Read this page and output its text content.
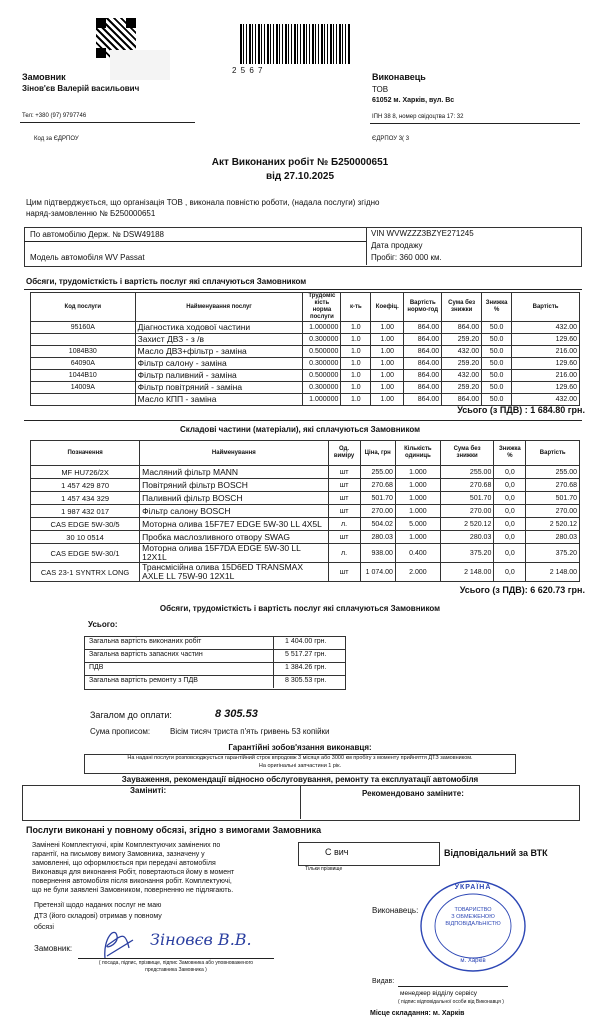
2 5 6 7
Замовник
Зінов'єв Валерій васильович
Тел: +380 (97) 9797746
Код за ЄДРПОУ
Виконавець
ТОВ
61052 м. Харків, вул. Вс
ІПН 38 8, номер свідоцтва 17: 32
ЄДРПОУ 3( 3
Акт Виконаних робіт № Б250000651
від 27.10.2025
Цим підтверджується, що організація ТОВ , виконала повністю роботи, (надала послуги) згідно
наряд-замовленню № Б250000651
По автомобілю Держ. № DSW49188
Модель автомобіля WV Passat
VIN WVWZZZ3BZYE271245
Дата продажу
Пробіг: 360 000 км.
Обсяги, трудомісткість і вартість послуг які сплачуються Замовником
Код послуги	Найменування послуг	Трудоміс кість норма послуги	к-ть	Коефіц.	Вартість нормо-год	Сума без знижки	Знижка %	Вартість
95160A	Діагностика ходової частини	1.000000	1.0	1.00	864.00	864.00	50.0	432.00
	Захист ДВЗ - з /в	0.300000	1.0	1.00	864.00	259.20	50.0	129.60
1084B30	Масло ДВЗ+фільтр - заміна	0.500000	1.0	1.00	864.00	432.00	50.0	216.00
64090A	Фільтр салону - заміна	0.300000	1.0	1.00	864.00	259.20	50.0	129.60
1044B10	Фільтр паливний - заміна	0.500000	1.0	1.00	864.00	432.00	50.0	216.00
14009A	Фільтр повітряний - заміна	0.300000	1.0	1.00	864.00	259.20	50.0	129.60
	Масло КПП - заміна	1.000000	1.0	1.00	864.00	864.00	50.0	432.00
Усього (з ПДВ) : 1 684.80 грн.
Складові частини (матеріали), які сплачуються Замовником
Позначення	Найменування	Од. виміру	Ціна, грн	Кількість одиниць	Сума без знижки	Знижка %	Вартість
MF HU726/2X	Масляний фільтр MANN	шт	255.00	1.000	255.00	0,0	255.00
1 457 429 870	Повітряний фільтр BOSCH	шт	270.68	1.000	270.68	0,0	270.68
1 457 434 329	Паливний фільтр BOSCH	шт	501.70	1.000	501.70	0,0	501.70
1 987 432 017	Фільтр салону BOSCH	шт	270.00	1.000	270.00	0,0	270.00
CAS EDGE 5W-30/5	Моторна олива 15F7E7 EDGE 5W-30 LL 4X5L	л.	504.02	5.000	2 520.12	0,0	2 520.12
30 10 0514	Пробка маслозливного отвору SWAG	шт	280.03	1.000	280.03	0,0	280.03
CAS EDGE 5W-30/1	Моторна олива 15F7DA EDGE 5W-30 LL 12X1L	л.	938.00	0.400	375.20	0,0	375.20
CAS 23-1 SYNTRX LONG	Трансмісійна олива 15D6ED TRANSMAX AXLE LL 75W-90 12X1L	шт	1 074.00	2.000	2 148.00	0,0	2 148.00
Усього (з ПДВ): 6 620.73 грн.
Обсяги, трудомісткість і вартість послуг які сплачуються Замовником
Усього:
Загальна вартість виконаних робіт	1 404.00 грн.
Загальна вартість запасних частин	5 517.27 грн.
ПДВ	1 384.26 грн.
Загальна вартість ремонту з ПДВ	8 305.53 грн.
Загалом до оплати:	8 305.53
Сума прописом: Вісім тисяч триста п'ять гривень 53 копійки
Гарантійні зобов'язання виконавця:
На надані послуги розповсюджується гарантійний строк впродовж 3 місяця або 3000 км пробігу з моменту прийняття ДТЗ замовником.
На оригінальні запчастини 1 рік.
Зауваження, рекомендації відносно обслуговування, ремонту та експлуатації автомобіля
Заміниті:	Рекомендовано заміните:
Послуги виконані у повному обсязі, згідно з вимогами Замовника
Замінені Комплектуючі, крім Комплектуючих замінених по
гарантії, на письмову вимогу Замовника, зазначену у
замовленні, що оформлюється при передачі автомобіля
Виконавця для виконання Робіт, повертаються йому в момент
повернення автомобіля після виконання робіт. Комплектуючі,
що не були заявлені Замовником, поверненню не підлягають.
Претензії щодо наданих послуг не маю
ДТЗ (його складові) отримав у повному
обсязі
Замовник:	Зіновєв В.В.
( посада, підпис, прізвище, підпис Замовника або уповноваженого
представника Замовника )
С вич	Відповідальний за ВТК
Тільки прізвище
Виконавець:
УКРАЇНА
ТОВАРИСТВО
З ОБМЕЖЕНОЮ
ВІДПОВІДАЛЬНІСТЮ
м. Харків
Видав:
менеджер відділу сервісу
( підпис відповідальної особи від Виконавця )
Місце складання: м. Харків
